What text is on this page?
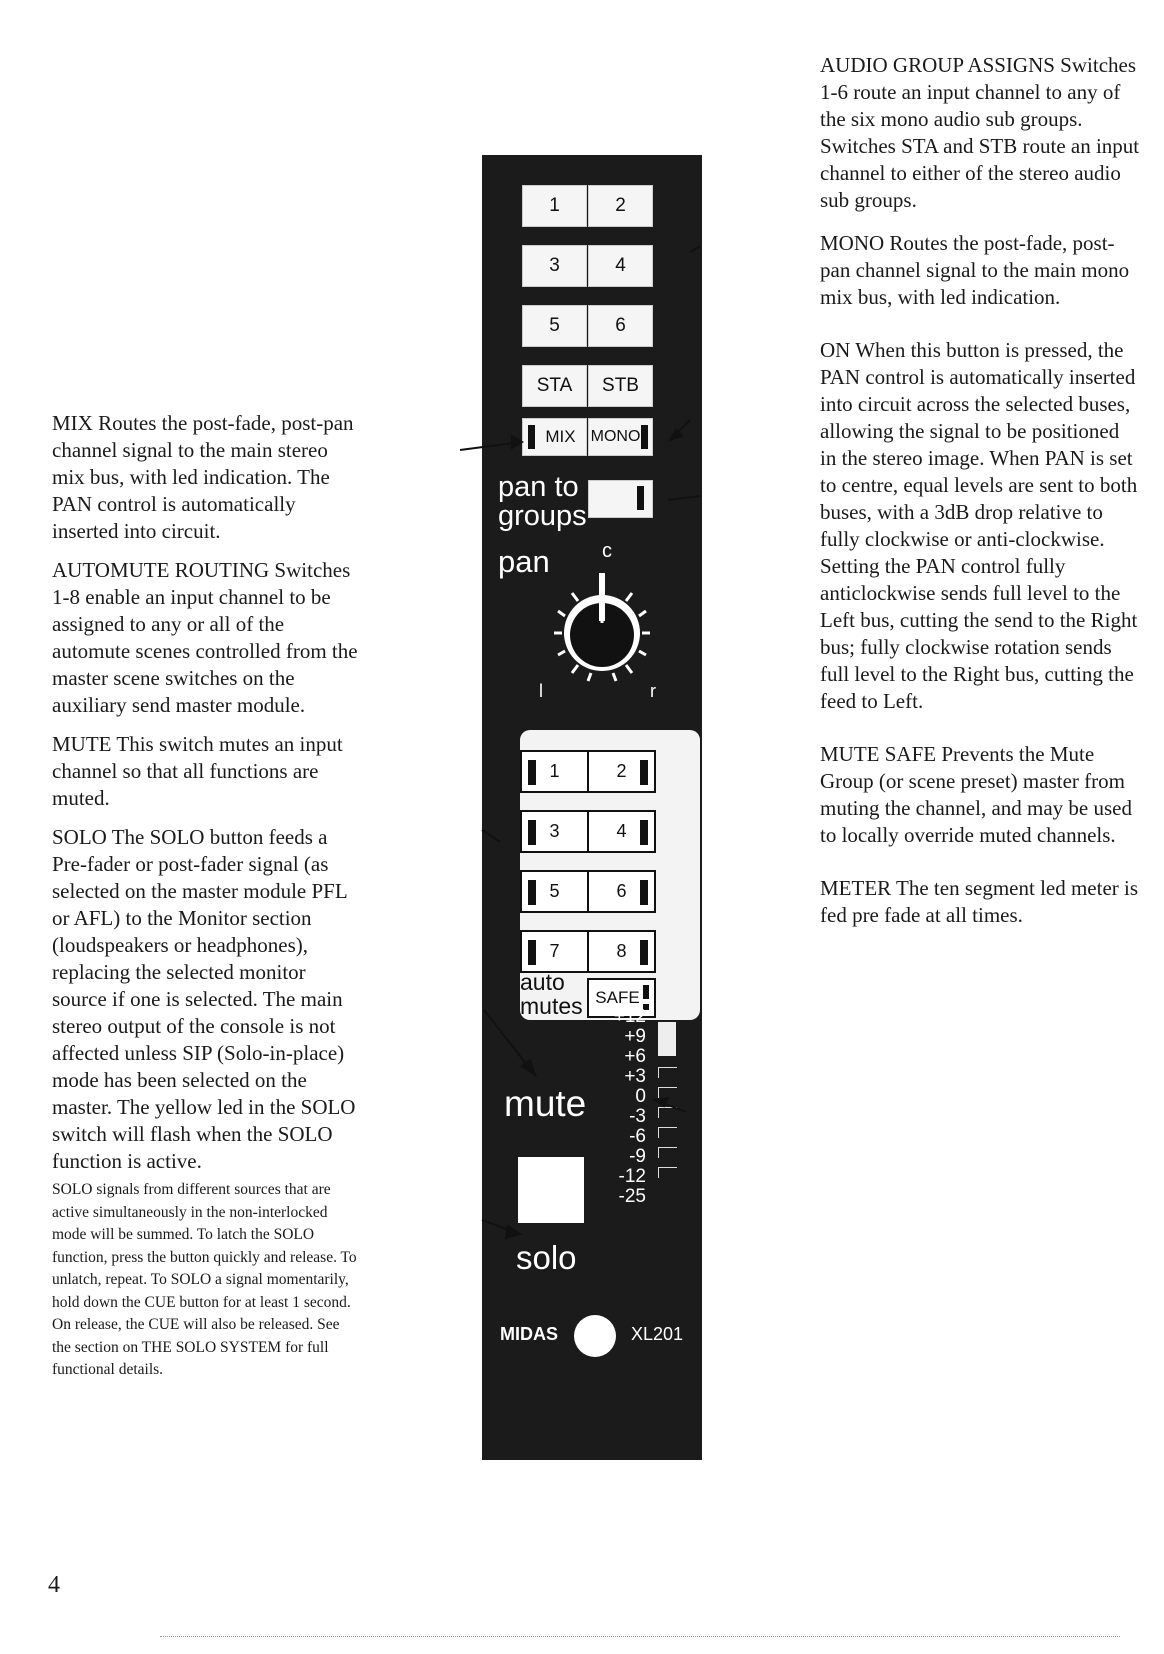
MIX Routes the post-fade, post-pan channel signal to the main stereo mix bus, with led indication. The PAN control is automatically inserted into circuit.

AUTOMUTE ROUTING Switches 1-8 enable an input channel to be assigned to any or all of the automute scenes controlled from the master scene switches on the auxiliary send master module.

MUTE This switch mutes an input channel so that all functions are muted.

SOLO The SOLO button feeds a Pre-fader or post-fader signal (as selected on the master module PFL or AFL) to the Monitor section (loudspeakers or headphones), replacing the selected monitor source if one is selected. The main stereo output of the console is not affected unless SIP (Solo-in-place) mode has been selected on the master. The yellow led in the SOLO switch will flash when the SOLO function is active.

SOLO signals from different sources that are active simultaneously in the non-interlocked mode will be summed. To latch the SOLO function, press the button quickly and release. To unlatch, repeat. To SOLO a signal momentarily, hold down the CUE button for at least 1 second. On release, the CUE will also be released. See the section on THE SOLO SYSTEM for full functional details.

AUDIO GROUP ASSIGNS Switches 1-6 route an input channel to any of the six mono audio sub groups. Switches STA and STB route an input channel to either of the stereo audio sub groups.

MONO Routes the post-fade, post-pan channel signal to the main mono mix bus, with led indication.

ON When this button is pressed, the PAN control is automatically inserted into circuit across the selected buses, allowing the signal to be positioned in the stereo image. When PAN is set to centre, equal levels are sent to both buses, with a 3dB drop relative to fully clockwise or anti-clockwise. Setting the PAN control fully anticlockwise sends full level to the Left bus, cutting the send to the Right bus; fully clockwise rotation sends full level to the Right bus, cutting the feed to Left.

MUTE SAFE Prevents the Mute Group (or scene preset) master from muting the channel, and may be used to locally override muted channels.

METER The ten segment led meter is fed pre fade at all times.

1	2
3	4
5	6
STA	STB
MIX MONO
pan to
groups
pan	c
l	r
1	2
3	4
5	6
7	8
auto
mutes SAFE
+12
+9
+6
+3
0
-3
-6
-9
-12
-25
mute
solo
MIDAS	XL201
4
